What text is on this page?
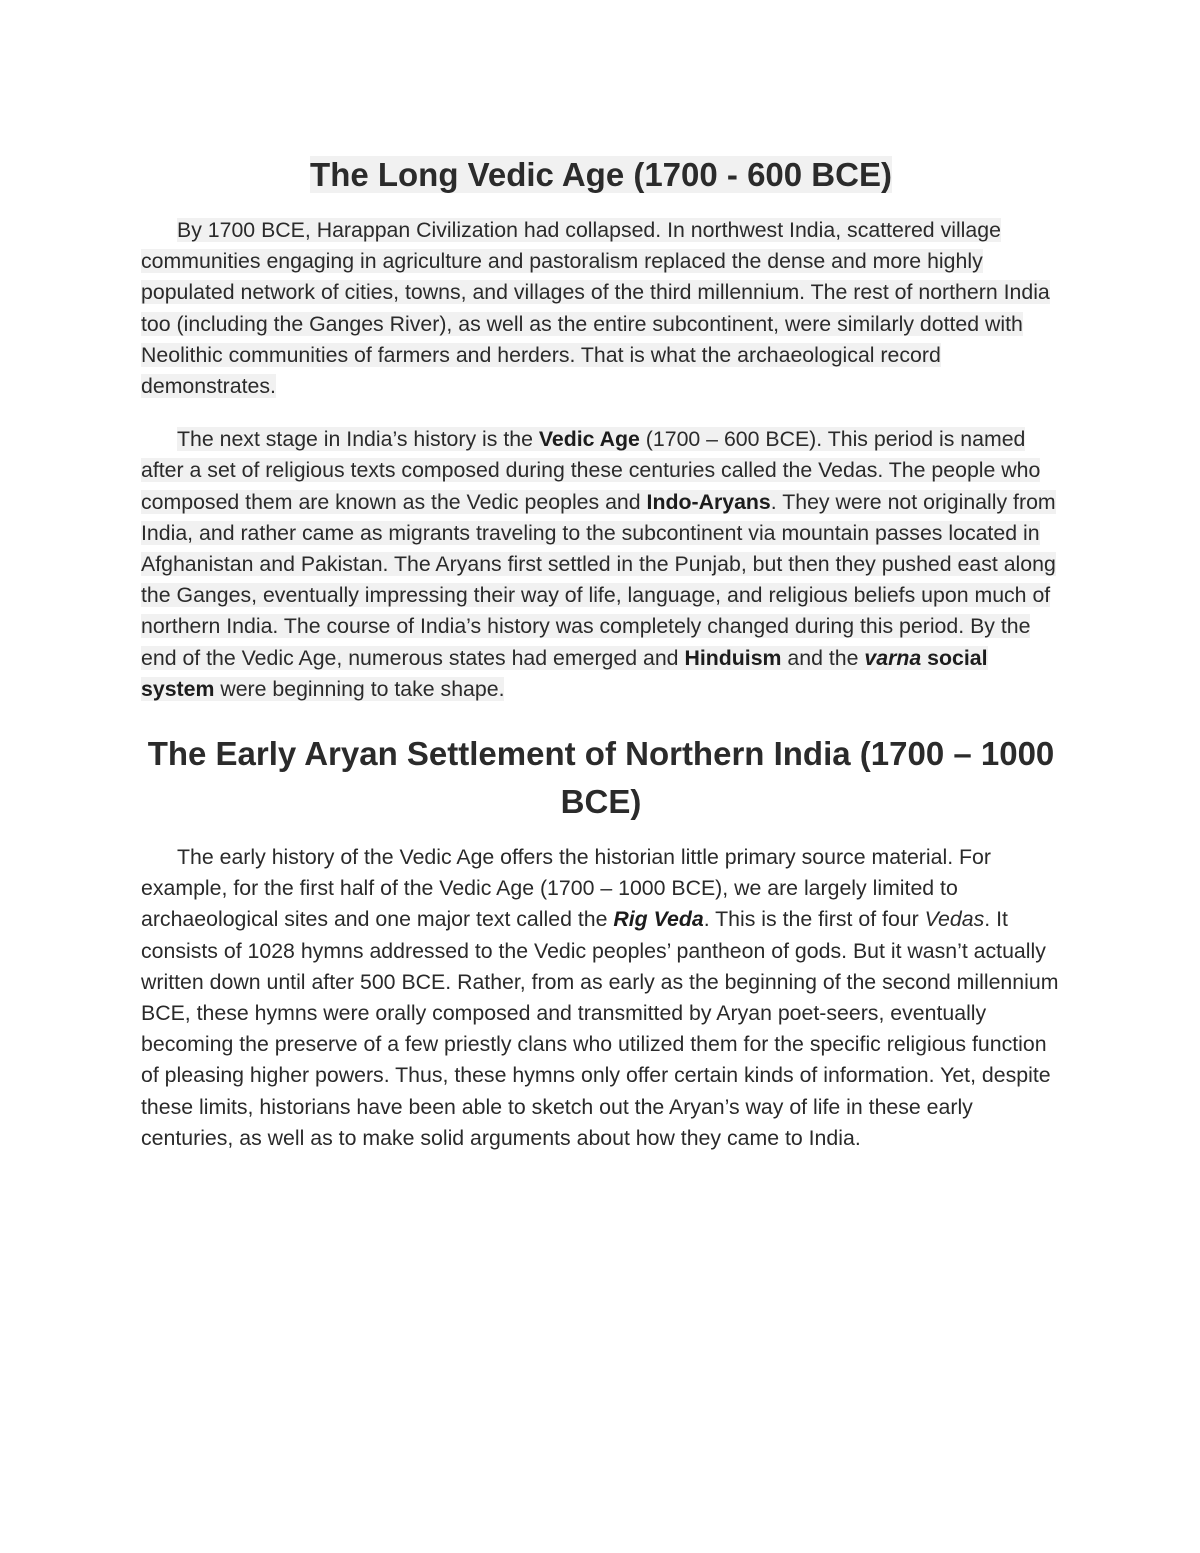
The Long Vedic Age (1700 - 600 BCE)

By 1700 BCE, Harappan Civilization had collapsed. In northwest India, scattered village communities engaging in agriculture and pastoralism replaced the dense and more highly populated network of cities, towns, and villages of the third millennium. The rest of northern India too (including the Ganges River), as well as the entire subcontinent, were similarly dotted with Neolithic communities of farmers and herders. That is what the archaeological record demonstrates.

The next stage in India’s history is the Vedic Age (1700 – 600 BCE). This period is named after a set of religious texts composed during these centuries called the Vedas. The people who composed them are known as the Vedic peoples and Indo-Aryans. They were not originally from India, and rather came as migrants traveling to the subcontinent via mountain passes located in Afghanistan and Pakistan. The Aryans first settled in the Punjab, but then they pushed east along the Ganges, eventually impressing their way of life, language, and religious beliefs upon much of northern India. The course of India’s history was completely changed during this period. By the end of the Vedic Age, numerous states had emerged and Hinduism and the varna social system were beginning to take shape.

The Early Aryan Settlement of Northern India (1700 – 1000 BCE)

The early history of the Vedic Age offers the historian little primary source material. For example, for the first half of the Vedic Age (1700 – 1000 BCE), we are largely limited to archaeological sites and one major text called the Rig Veda. This is the first of four Vedas. It consists of 1028 hymns addressed to the Vedic peoples’ pantheon of gods. But it wasn’t actually written down until after 500 BCE. Rather, from as early as the beginning of the second millennium BCE, these hymns were orally composed and transmitted by Aryan poet-seers, eventually becoming the preserve of a few priestly clans who utilized them for the specific religious function of pleasing higher powers. Thus, these hymns only offer certain kinds of information. Yet, despite these limits, historians have been able to sketch out the Aryan’s way of life in these early centuries, as well as to make solid arguments about how they came to India.
